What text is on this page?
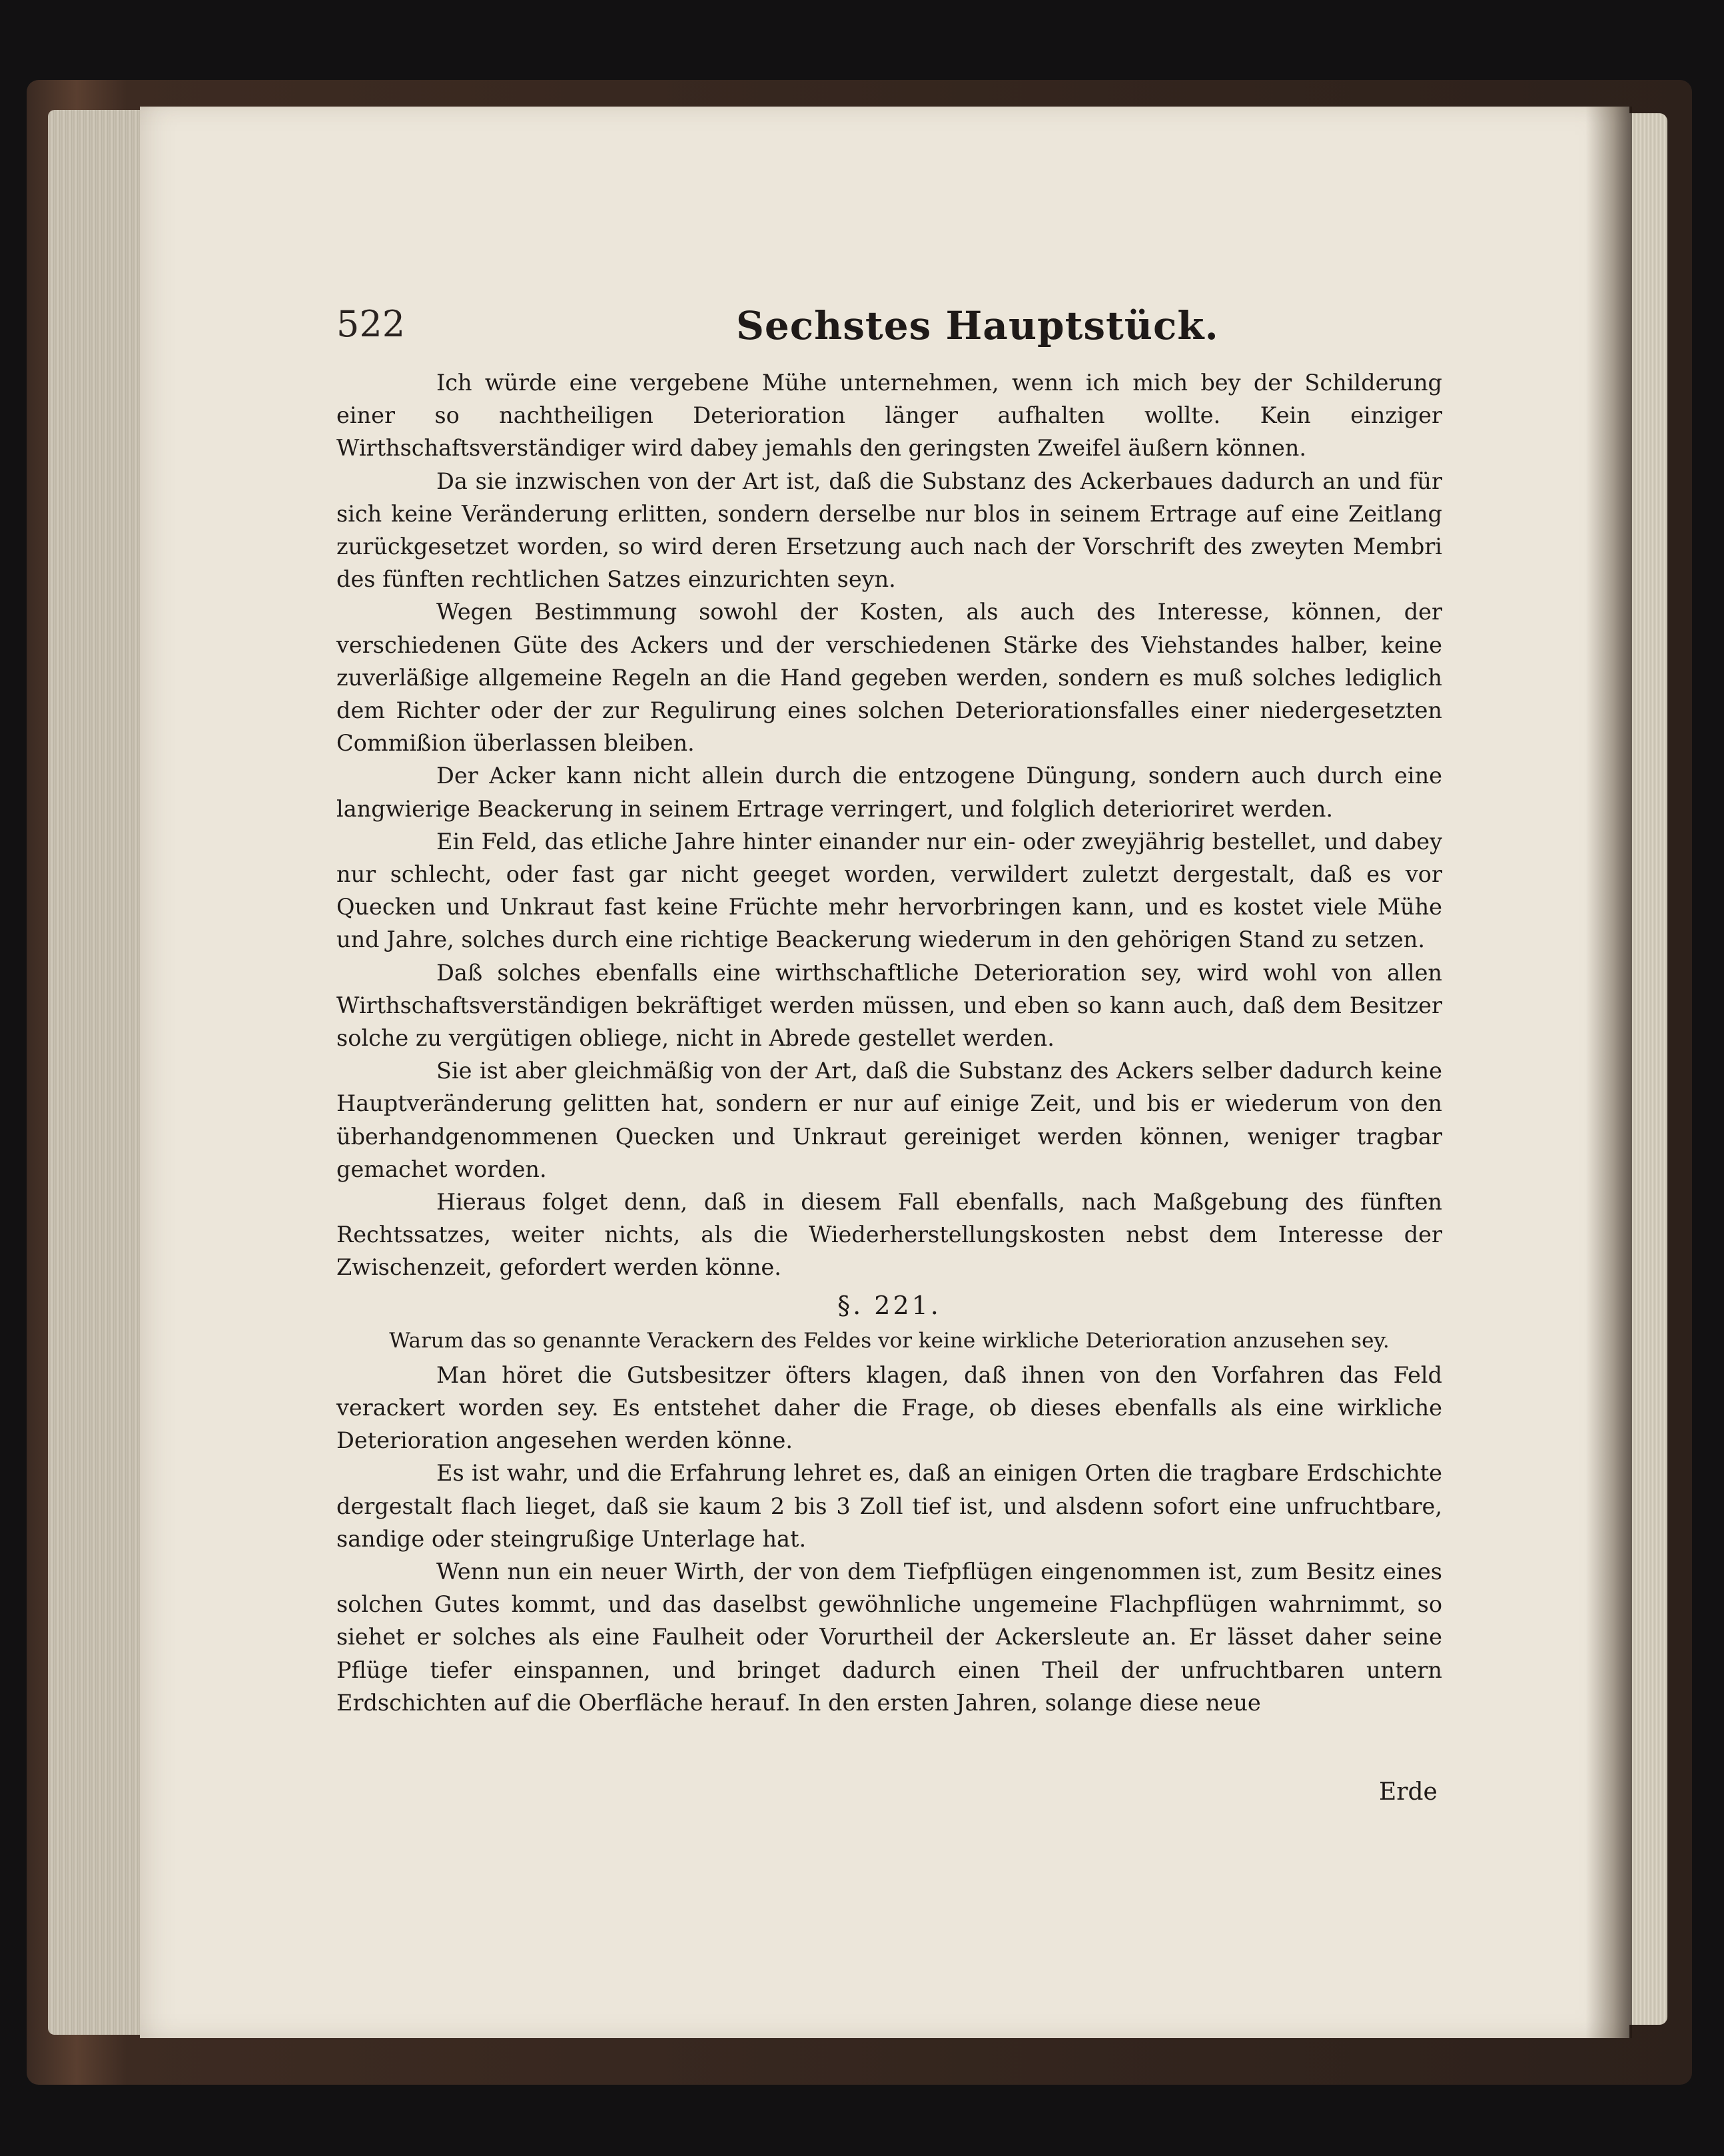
522	Sechstes Hauptstück.

Ich würde eine vergebene Mühe unternehmen, wenn ich mich bey der Schilderung einer so nachtheiligen Deterioration länger aufhalten wollte. Kein einziger Wirthschaftsverständiger wird dabey jemahls den geringsten Zweifel äußern können.

Da sie inzwischen von der Art ist, daß die Substanz des Ackerbaues dadurch an und für sich keine Veränderung erlitten, sondern derselbe nur blos in seinem Ertrage auf eine Zeitlang zurückgesetzet worden, so wird deren Ersetzung auch nach der Vorschrift des zweyten Membri des fünften rechtlichen Satzes einzurichten seyn.

Wegen Bestimmung sowohl der Kosten, als auch des Interesse, können, der verschiedenen Güte des Ackers und der verschiedenen Stärke des Viehstandes halber, keine zuverläßige allgemeine Regeln an die Hand gegeben werden, sondern es muß solches lediglich dem Richter oder der zur Regulirung eines solchen Deteriorationsfalles einer niedergesetzten Commißion überlassen bleiben.

Der Acker kann nicht allein durch die entzogene Düngung, sondern auch durch eine langwierige Beackerung in seinem Ertrage verringert, und folglich deterioriret werden.

Ein Feld, das etliche Jahre hinter einander nur ein- oder zweyjährig bestellet, und dabey nur schlecht, oder fast gar nicht geeget worden, verwildert zuletzt dergestalt, daß es vor Quecken und Unkraut fast keine Früchte mehr hervorbringen kann, und es kostet viele Mühe und Jahre, solches durch eine richtige Beackerung wiederum in den gehörigen Stand zu setzen.

Daß solches ebenfalls eine wirthschaftliche Deterioration sey, wird wohl von allen Wirthschaftsverständigen bekräftiget werden müssen, und eben so kann auch, daß dem Besitzer solche zu vergütigen obliege, nicht in Abrede gestellet werden.

Sie ist aber gleichmäßig von der Art, daß die Substanz des Ackers selber dadurch keine Hauptveränderung gelitten hat, sondern er nur auf einige Zeit, und bis er wiederum von den überhandgenommenen Quecken und Unkraut gereiniget werden können, weniger tragbar gemachet worden.

Hieraus folget denn, daß in diesem Fall ebenfalls, nach Maßgebung des fünften Rechtssatzes, weiter nichts, als die Wiederherstellungskosten nebst dem Interesse der Zwischenzeit, gefordert werden könne.

§. 221.
Warum das so genannte Verackern des Feldes vor keine wirkliche Deterioration anzusehen sey.

Man höret die Gutsbesitzer öfters klagen, daß ihnen von den Vorfahren das Feld verackert worden sey. Es entstehet daher die Frage, ob dieses ebenfalls als eine wirkliche Deterioration angesehen werden könne.

Es ist wahr, und die Erfahrung lehret es, daß an einigen Orten die tragbare Erdschichte dergestalt flach lieget, daß sie kaum 2 bis 3 Zoll tief ist, und alsdenn sofort eine unfruchtbare, sandige oder steingrußige Unterlage hat.

Wenn nun ein neuer Wirth, der von dem Tiefpflügen eingenommen ist, zum Besitz eines solchen Gutes kommt, und das daselbst gewöhnliche ungemeine Flachpflügen wahrnimmt, so siehet er solches als eine Faulheit oder Vorurtheil der Ackersleute an. Er lässet daher seine Pflüge tiefer einspannen, und bringet dadurch einen Theil der unfruchtbaren untern Erdschichten auf die Oberfläche herauf. In den ersten Jahren, solange diese neue

Erde
